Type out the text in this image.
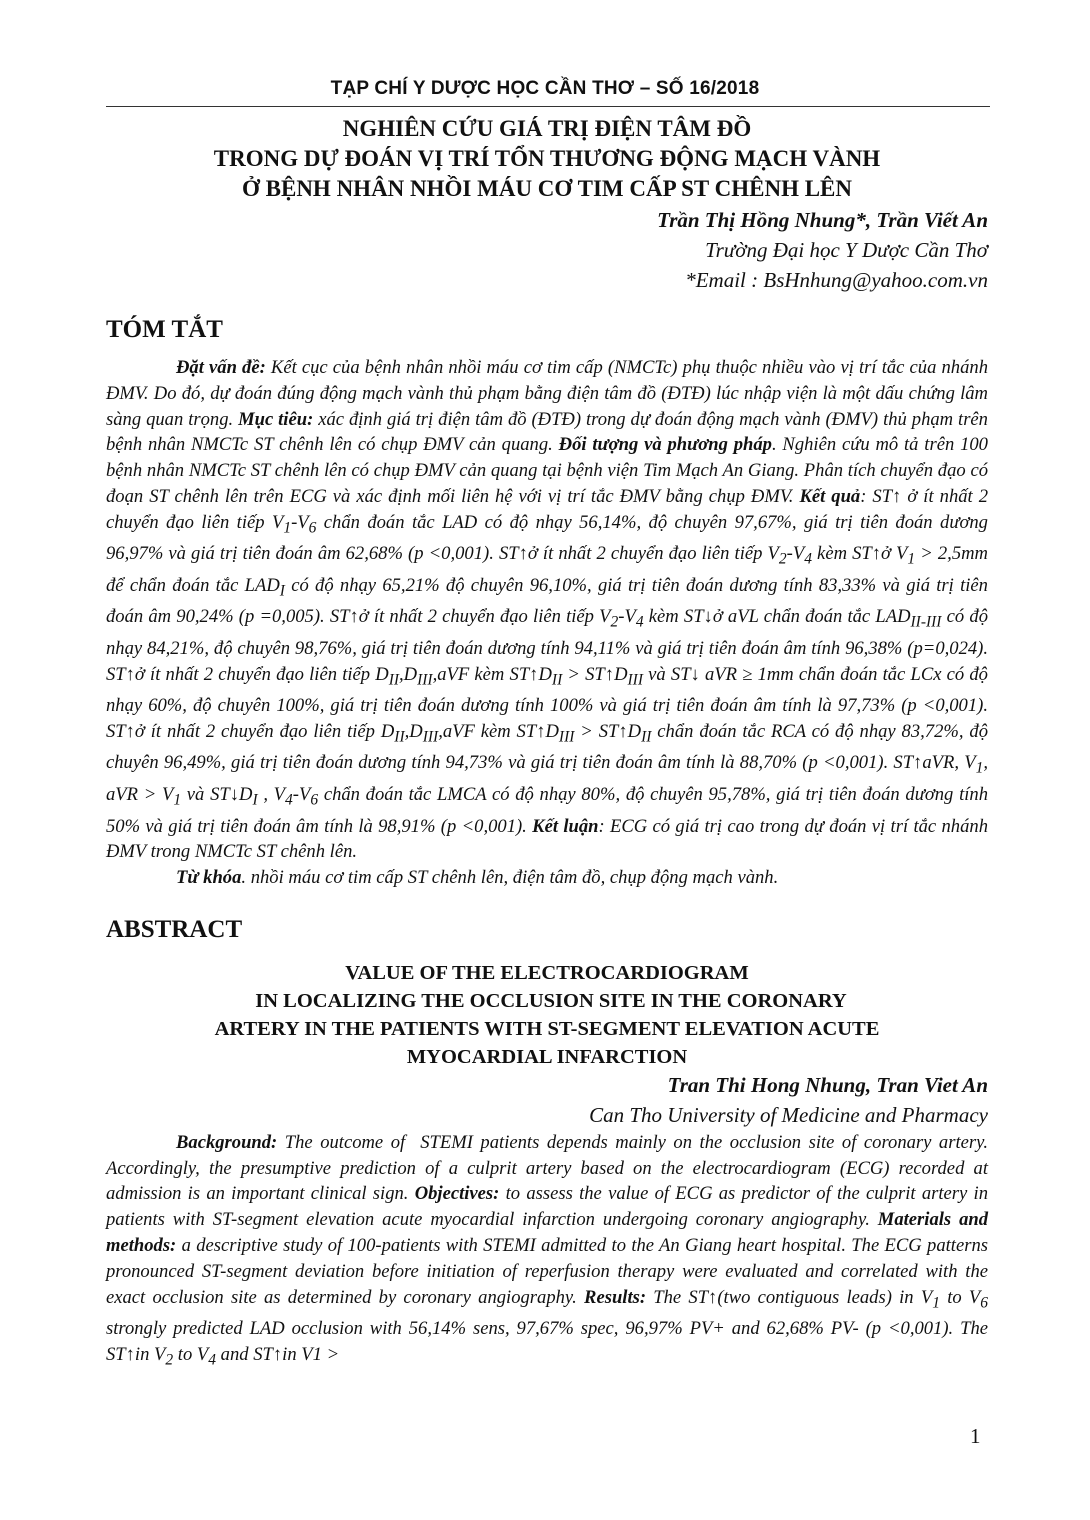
TẠP CHÍ Y DƯỢC HỌC CẦN THƠ – SỐ 16/2018
NGHIÊN CỨU GIÁ TRỊ ĐIỆN TÂM ĐỒ
TRONG DỰ ĐOÁN VỊ TRÍ TỔN THƯƠNG ĐỘNG MẠCH VÀNH
Ở BỆNH NHÂN NHỒI MÁU CƠ TIM CẤP ST CHÊNH LÊN
Trần Thị Hồng Nhung*, Trần Viết An
Trường Đại học Y Dược Cần Thơ
*Email : BsHnhung@yahoo.com.vn
TÓM TẮT

Đặt vấn đề: Kết cục của bệnh nhân nhồi máu cơ tim cấp (NMCTc) phụ thuộc nhiều vào vị trí tắc của nhánh ĐMV. Do đó, dự đoán đúng động mạch vành thủ phạm bằng điện tâm đồ (ĐTĐ) lúc nhập viện là một dấu chứng lâm sàng quan trọng. Mục tiêu: xác định giá trị điện tâm đồ (ĐTĐ) trong dự đoán động mạch vành (ĐMV) thủ phạm trên bệnh nhân NMCTc ST chênh lên có chụp ĐMV cản quang. Đối tượng và phương pháp. Nghiên cứu mô tả trên 100 bệnh nhân NMCTc ST chênh lên có chụp ĐMV cản quang tại bệnh viện Tim Mạch An Giang. Phân tích chuyển đạo có đoạn ST chênh lên trên ECG và xác định mối liên hệ với vị trí tắc ĐMV bằng chụp ĐMV. Kết quả: ST↑ ở ít nhất 2 chuyển đạo liên tiếp $V_1-V_6$ chẩn đoán tắc LAD có độ nhạy 56,14%, độ chuyên 97,67%, giá trị tiên đoán dương 96,97% và giá trị tiên đoán âm 62,68% (p <0,001). ST↑ở ít nhất 2 chuyển đạo liên tiếp $V_2-V_4$ kèm ST↑ở $V_1 > 2,5mm$ để chẩn đoán tắc $LAD_I$ có độ nhạy 65,21% độ chuyên 96,10%, giá trị tiên đoán dương tính 83,33% và giá trị tiên đoán âm 90,24% (p =0,005). ST↑ở ít nhất 2 chuyển đạo liên tiếp $V_2-V_4$ kèm ST↓ở aVL chẩn đoán tắc $LAD_{II-III}$ có độ nhạy 84,21%, độ chuyên 98,76%, giá trị tiên đoán dương tính 94,11% và giá trị tiên đoán âm tính 96,38% (p=0,024). ST↑ở ít nhất 2 chuyển đạo liên tiếp $D_{II},D_{III},aVF$ kèm $ST↑D_{II}$ > $ST↑D_{III}$ và ST↓ aVR ≥ 1mm chẩn đoán tắc LCx có độ nhạy 60%, độ chuyên 100%, giá trị tiên đoán dương tính 100% và giá trị tiên đoán âm tính là 97,73% (p <0,001). ST↑ở ít nhất 2 chuyển đạo liên tiếp $D_{II},D_{III},aVF$ kèm $ST↑D_{III}$ > $ST↑D_{II}$ chẩn đoán tắc RCA có độ nhạy 83,72%, độ chuyên 96,49%, giá trị tiên đoán dương tính 94,73% và giá trị tiên đoán âm tính là 88,70% (p <0,001). ST↑aVR, $V_1$, aVR > $V_1$ và $ST↓D_I$ , $V_4-V_6$ chẩn đoán tắc LMCA có độ nhạy 80%, độ chuyên 95,78%, giá trị tiên đoán dương tính 50% và giá trị tiên đoán âm tính là 98,91% (p <0,001). Kết luận: ECG có giá trị cao trong dự đoán vị trí tắc nhánh ĐMV trong NMCTc ST chênh lên.

Từ khóa. nhồi máu cơ tim cấp ST chênh lên, điện tâm đồ, chụp động mạch vành.

ABSTRACT
VALUE OF THE ELECTROCARDIOGRAM
IN LOCALIZING THE OCCLUSION SITE IN THE CORONARY
ARTERY IN THE PATIENTS WITH ST-SEGMENT ELEVATION ACUTE
MYOCARDIAL INFARCTION
Tran Thi Hong Nhung, Tran Viet An
Can Tho University of Medicine and Pharmacy

Background: The outcome of  STEMI patients depends mainly on the occlusion site of coronary artery. Accordingly, the presumptive prediction of a culprit artery based on the electrocardiogram (ECG) recorded at admission is an important clinical sign. Objectives: to assess the value of ECG as predictor of the culprit artery in patients with ST-segment elevation acute myocardial infarction undergoing coronary angiography. Materials and methods: a descriptive study of 100-patients with STEMI admitted to the An Giang heart hospital. The ECG patterns pronounced ST-segment deviation before initiation of reperfusion therapy were evaluated and correlated with the exact occlusion site as determined by coronary angiography. Results: The ST↑(two contiguous leads) in $V_1$ to $V_6$ strongly predicted LAD occlusion with 56,14% sens, 97,67% spec, 96,97% PV+ and 62,68% PV- (p <0,001). The ST↑in $V_2$ to $V_4$ and ST↑in V1 >

1
